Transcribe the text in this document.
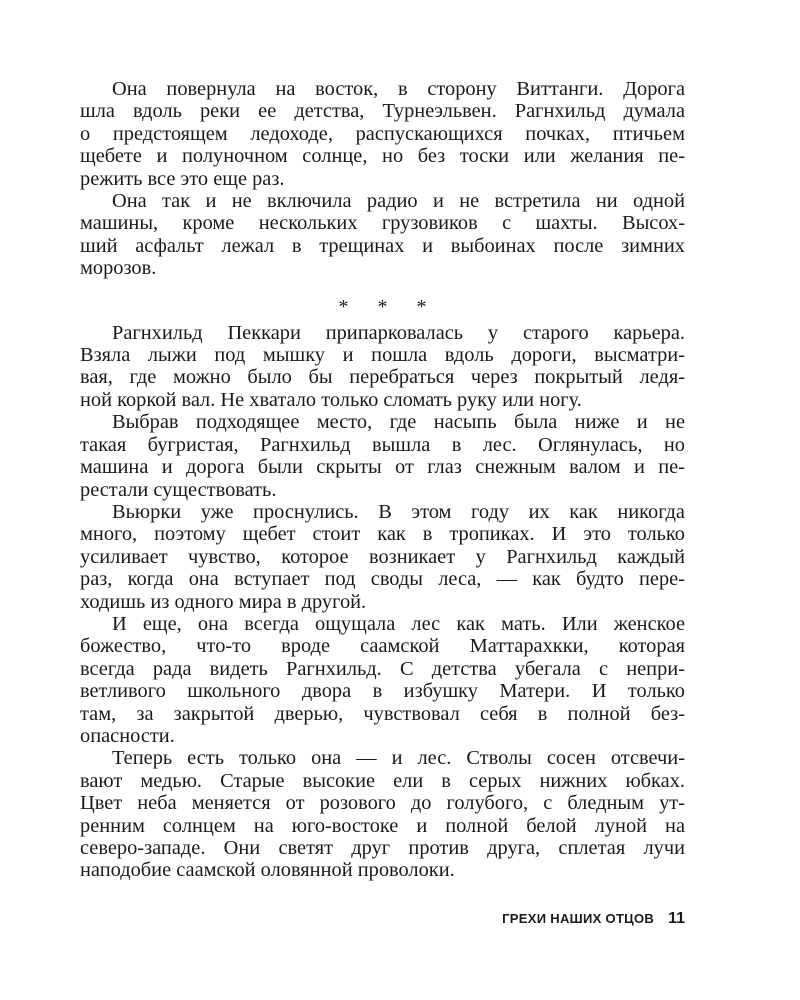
Она повернула на восток, в сторону Виттанги. Дорога
шла вдоль реки ее детства, Турнеэльвен. Рагнхильд думала
о предстоящем ледоходе, распускающихся почках, птичьем
щебете и полуночном солнце, но без тоски или желания пе-
режить все это еще раз.

Она так и не включила радио и не встретила ни одной
машины, кроме нескольких грузовиков с шахты. Высох-
ший асфальт лежал в трещинах и выбоинах после зимних
морозов.

* * *

Рагнхильд Пеккари припарковалась у старого карьера.
Взяла лыжи под мышку и пошла вдоль дороги, высматри-
вая, где можно было бы перебраться через покрытый ледя-
ной коркой вал. Не хватало только сломать руку или ногу.

Выбрав подходящее место, где насыпь была ниже и не
такая бугристая, Рагнхильд вышла в лес. Оглянулась, но
машина и дорога были скрыты от глаз снежным валом и пе-
рестали существовать.

Вьюрки уже проснулись. В этом году их как никогда
много, поэтому щебет стоит как в тропиках. И это только
усиливает чувство, которое возникает у Рагнхильд каждый
раз, когда она вступает под своды леса, — как будто пере-
ходишь из одного мира в другой.

И еще, она всегда ощущала лес как мать. Или женское
божество, что-то вроде саамской Маттарахкки, которая
всегда рада видеть Рагнхильд. С детства убегала с непри-
ветливого школьного двора в избушку Матери. И только
там, за закрытой дверью, чувствовал себя в полной без-
опасности.

Теперь есть только она — и лес. Стволы сосен отсвечи-
вают медью. Старые высокие ели в серых нижних юбках.
Цвет неба меняется от розового до голубого, с бледным ут-
ренним солнцем на юго-востоке и полной белой луной на
северо-западе. Они светят друг против друга, сплетая лучи
наподобие саамской оловянной проволоки.

ГРЕХИ НАШИХ ОТЦОВ 11
